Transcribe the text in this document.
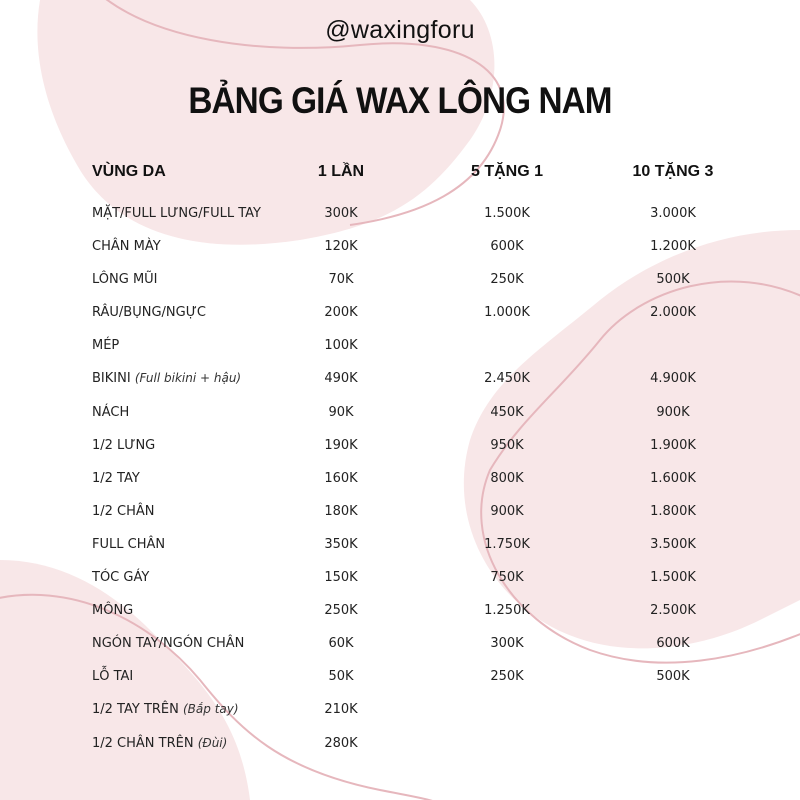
@waxingforu
BẢNG GIÁ WAX LÔNG NAM
VÙNG DA	1 LẦN	5 TẶNG 1	10 TẶNG 3
MẶT/FULL LƯNG/FULL TAY	300K	1.500K	3.000K
CHÂN MÀY	120K	600K	1.200K
LÔNG MŨI	70K	250K	500K
RÂU/BỤNG/NGỰC	200K	1.000K	2.000K
MÉP	100K
BIKINI (Full bikini + hậu)	490K	2.450K	4.900K
NÁCH	90K	450K	900K
1/2 LƯNG	190K	950K	1.900K
1/2 TAY	160K	800K	1.600K
1/2 CHÂN	180K	900K	1.800K
FULL CHÂN	350K	1.750K	3.500K
TÓC GÁY	150K	750K	1.500K
MÔNG	250K	1.250K	2.500K
NGÓN TAY/NGÓN CHÂN	60K	300K	600K
LỖ TAI	50K	250K	500K
1/2 TAY TRÊN (Bắp tay)	210K
1/2 CHÂN TRÊN (Đùi)	280K
